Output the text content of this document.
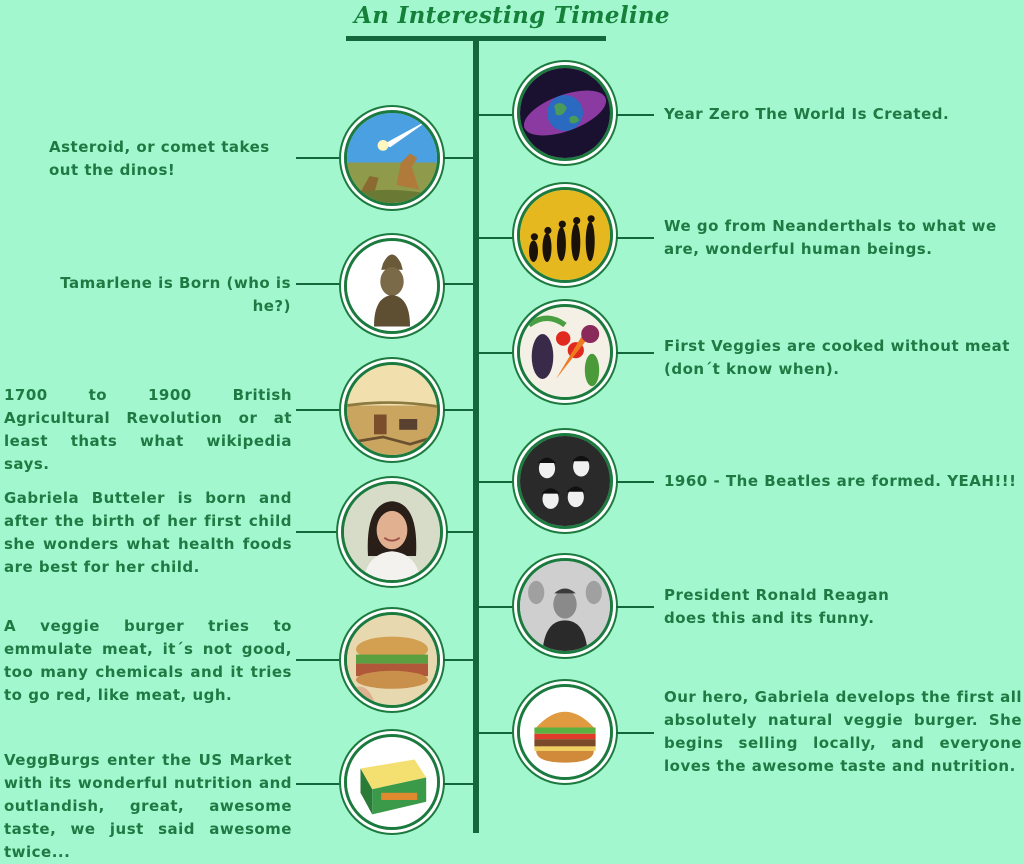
An Interesting Timeline
Asteroid, or comet takes out the dinos!
Tamarlene is Born (who is he?)
1700 to 1900 British Agricultural Revolution or at least thats what wikipedia says.
Gabriela Butteler is born and after the birth of her first child she wonders what health foods are best for her child.
A veggie burger tries to emmulate meat, it´s not good, too many chemicals and it tries to go red, like meat, ugh.
VeggBurgs enter the US Market with its wonderful nutrition and outlandish, great, awesome taste, we just said awesome twice...
Year Zero The World Is Created.
We go from Neanderthals to what we are, wonderful human beings.
First Veggies are cooked without meat (don´t know when).
1960 - The Beatles are formed. YEAH!!!
President Ronald Reagan does this and its funny.
Our hero, Gabriela develops the first all absolutely natural veggie burger. She begins selling locally, and everyone loves the awesome taste and nutrition.
